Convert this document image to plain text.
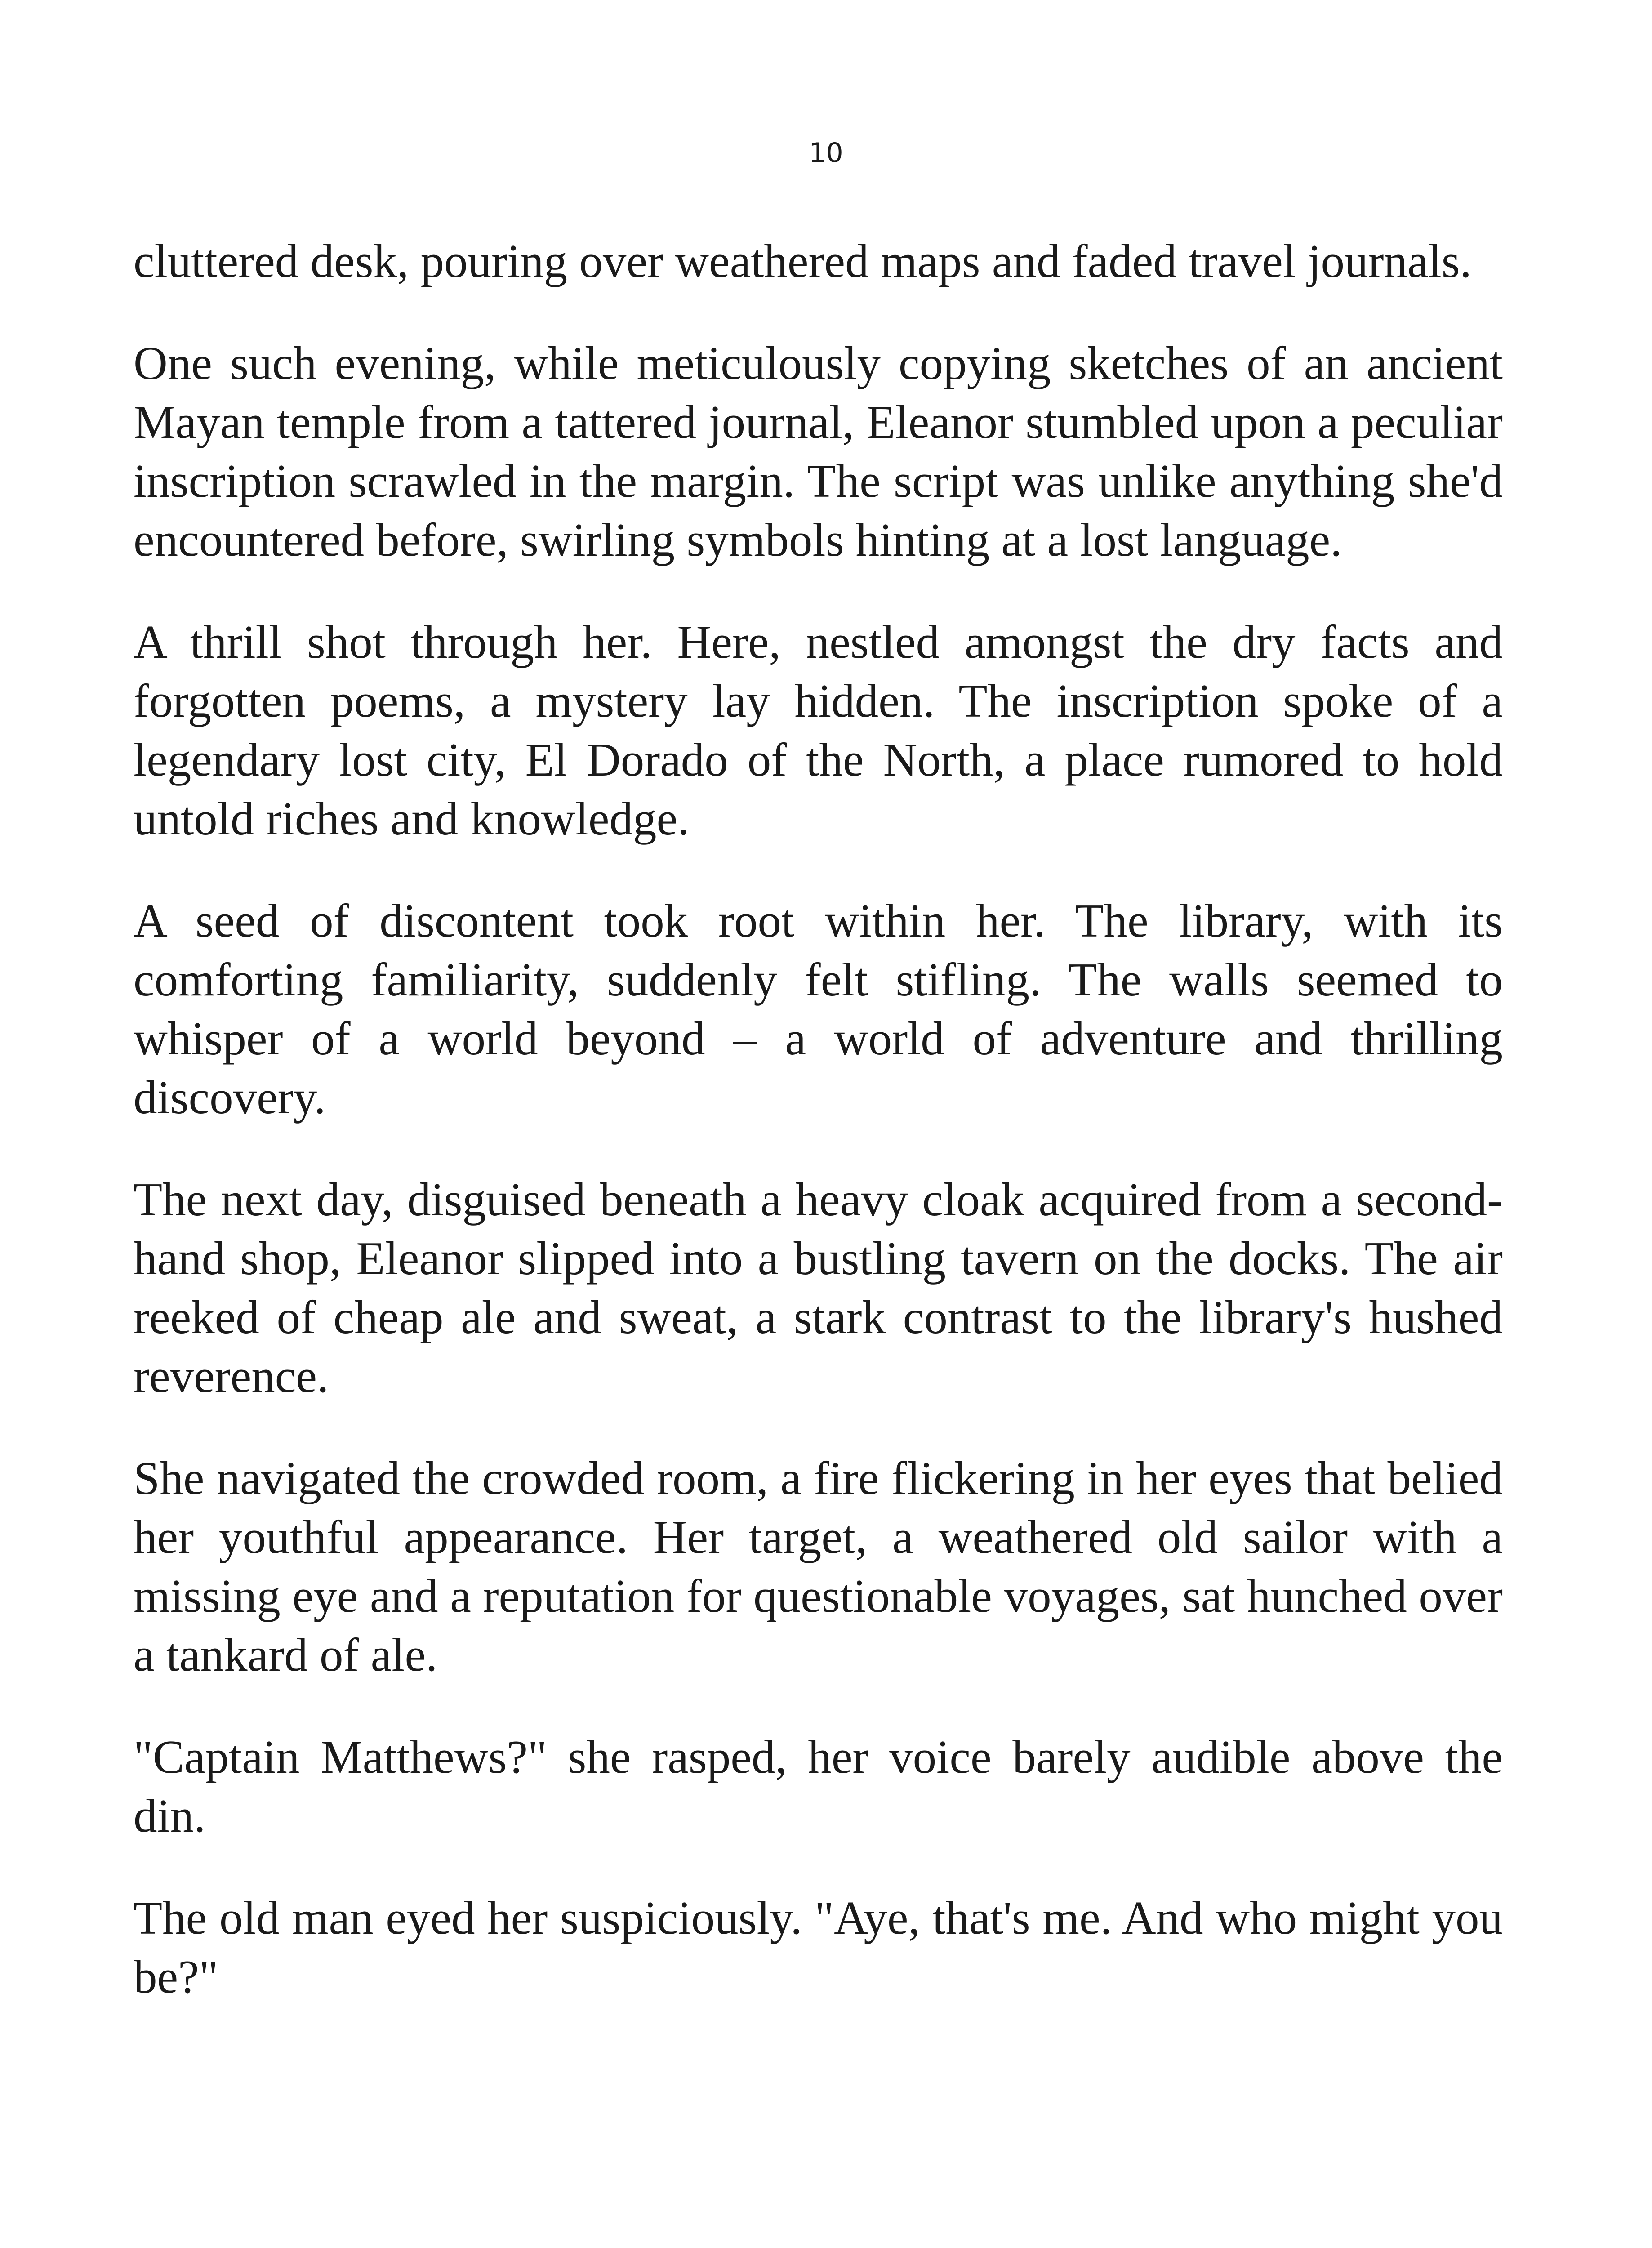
10

cluttered desk, pouring over weathered maps and faded travel journals.

One such evening, while meticulously copying sketches of an ancient Mayan temple from a tattered journal, Eleanor stumbled upon a peculiar inscription scrawled in the margin. The script was unlike anything she'd encountered before, swirling symbols hinting at a lost language.

A thrill shot through her. Here, nestled amongst the dry facts and forgotten poems, a mystery lay hidden. The inscription spoke of a legendary lost city, El Dorado of the North, a place rumored to hold untold riches and knowledge.

A seed of discontent took root within her. The library, with its comforting familiarity, suddenly felt stifling. The walls seemed to whisper of a world beyond – a world of adventure and thrilling discovery.

The next day, disguised beneath a heavy cloak acquired from a second-hand shop, Eleanor slipped into a bustling tavern on the docks. The air reeked of cheap ale and sweat, a stark contrast to the library's hushed reverence.

She navigated the crowded room, a fire flickering in her eyes that belied her youthful appearance. Her target, a weathered old sailor with a missing eye and a reputation for questionable voyages, sat hunched over a tankard of ale.

"Captain Matthews?" she rasped, her voice barely audible above the din.

The old man eyed her suspiciously. "Aye, that's me. And who might you be?"
